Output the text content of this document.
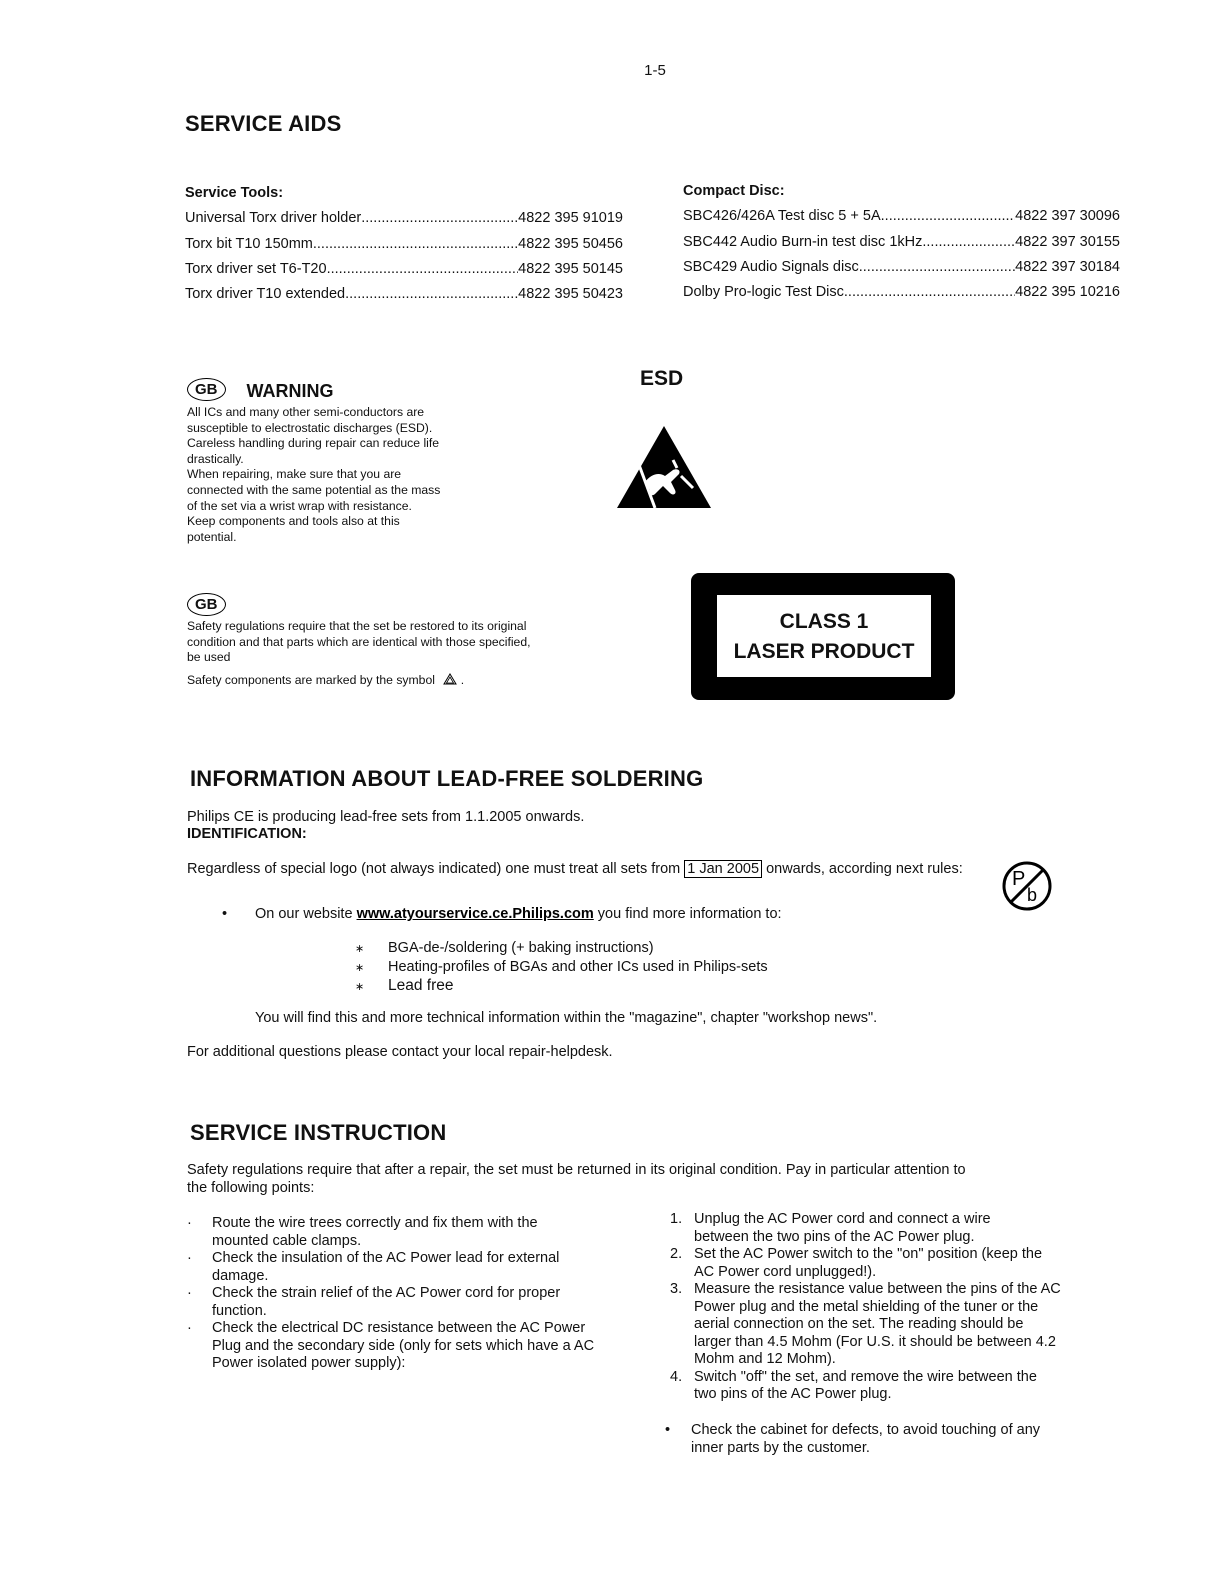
1-5
SERVICE AIDS
Service Tools:
Universal Torx driver holder .....	4822 395 91019
Torx bit T10 150mm .....	4822 395 50456
Torx driver set T6-T20 .....	4822 395 50145
Torx driver T10 extended .....	4822 395 50423
Compact Disc:
SBC426/426A Test disc 5 + 5A .....	4822 397 30096
SBC442 Audio Burn-in test disc 1kHz .....	4822 397 30155
SBC429 Audio Signals disc .....	4822 397 30184
Dolby Pro-logic Test Disc .....	4822 395 10216
GB	WARNING
All ICs and many other semi-conductors are
susceptible to electrostatic discharges (ESD).
Careless handling during repair can reduce life
drastically.
When repairing, make sure that you are
connected with the same potential as the mass
of the set via a wrist wrap with resistance.
Keep components and tools also at this
potential.
ESD
GB
Safety regulations require that the set be restored to its original
condition and that parts which are identical with those specified,
be used
Safety components are marked by the symbol .
CLASS 1
LASER PRODUCT
INFORMATION ABOUT LEAD-FREE SOLDERING
Philips CE is producing lead-free sets from 1.1.2005 onwards.
IDENTIFICATION:
Regardless of special logo (not always indicated) one must treat all sets from 1 Jan 2005 onwards, according next rules: P
b
• On our website www.atyourservice.ce.Philips.com you find more information to:
∗ BGA-de-/soldering (+ baking instructions)
∗ Heating-profiles of BGAs and other ICs used in Philips-sets
∗ Lead free
You will find this and more technical information within the "magazine", chapter "workshop news".
For additional questions please contact your local repair-helpdesk.
SERVICE INSTRUCTION
Safety regulations require that after a repair, the set must be returned in its original condition. Pay in particular attention to
the following points:
·	Route the wire trees correctly and fix them with the mounted cable clamps.
·	Check the insulation of the AC Power lead for external damage.
·	Check the strain relief of the AC Power cord for proper function.
·	Check the electrical DC resistance between the AC Power Plug and the secondary side (only for sets which have a AC Power isolated power supply):
1. Unplug the AC Power cord and connect a wire between the two pins of the AC Power plug.
2. Set the AC Power switch to the "on" position (keep the AC Power cord unplugged!).
3. Measure the resistance value between the pins of the AC Power plug and the metal shielding of the tuner or the aerial connection on the set. The reading should be larger than 4.5 Mohm (For U.S. it should be between 4.2 Mohm and 12 Mohm).
4. Switch "off" the set, and remove the wire between the two pins of the AC Power plug.
•	Check the cabinet for defects, to avoid touching of any inner parts by the customer.
